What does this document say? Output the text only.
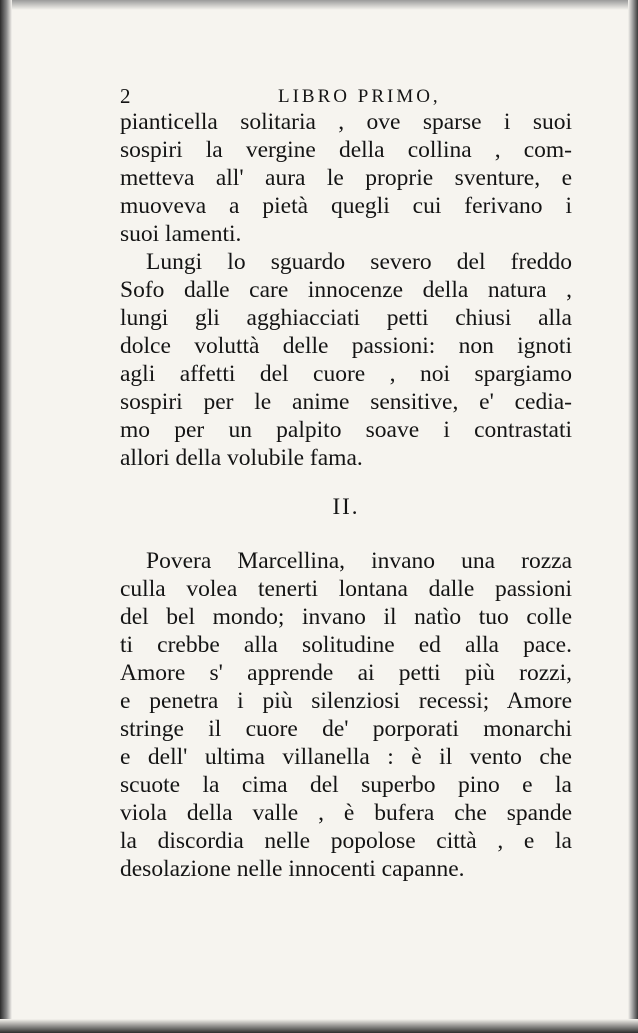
2	LIBRO PRIMO,
pianticella solitaria , ove sparse i suoi
sospiri la vergine della collina , com-
metteva all' aura le proprie sventure, e
muoveva a pietà quegli cui ferivano i
suoi lamenti.
Lungi lo sguardo severo del freddo
Sofo dalle care innocenze della natura ,
lungi gli agghiacciati petti chiusi alla
dolce voluttà delle passioni: non ignoti
agli affetti del cuore , noi spargiamo
sospiri per le anime sensitive, e' cedia-
mo per un palpito soave i contrastati
allori della volubile fama.
II.
Povera Marcellina, invano una rozza
culla volea tenerti lontana dalle passioni
del bel mondo; invano il natìo tuo colle
ti crebbe alla solitudine ed alla pace.
Amore s' apprende ai petti più rozzi,
e penetra i più silenziosi recessi; Amore
stringe il cuore de' porporati monarchi
e dell' ultima villanella : è il vento che
scuote la cima del superbo pino e la
viola della valle , è bufera che spande
la discordia nelle popolose città , e la
desolazione nelle innocenti capanne.
